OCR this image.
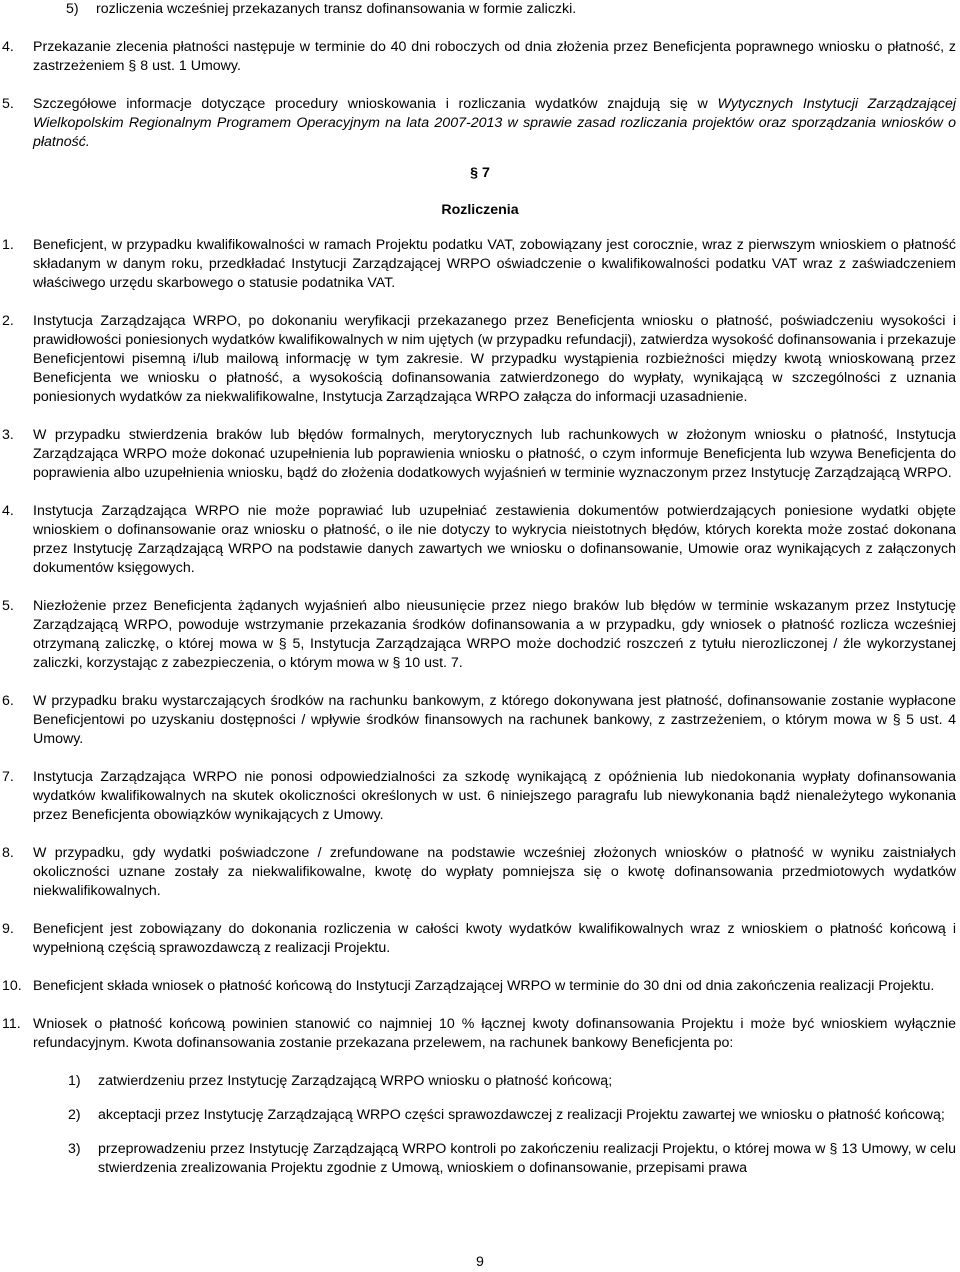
5)	rozliczenia wcześniej przekazanych transz dofinansowania w formie zaliczki.
4.	Przekazanie zlecenia płatności następuje w terminie do 40 dni roboczych od dnia złożenia przez Beneficjenta poprawnego wniosku o płatność, z zastrzeżeniem § 8 ust. 1 Umowy.
5.	Szczegółowe informacje dotyczące procedury wnioskowania i rozliczania wydatków znajdują się w Wytycznych Instytucji Zarządzającej Wielkopolskim Regionalnym Programem Operacyjnym na lata 2007-2013 w sprawie zasad rozliczania projektów oraz sporządzania wniosków o płatność.
§ 7
Rozliczenia
1.	Beneficjent, w przypadku kwalifikowalności w ramach Projektu podatku VAT, zobowiązany jest corocznie, wraz z pierwszym wnioskiem o płatność składanym w danym roku, przedkładać Instytucji Zarządzającej WRPO oświadczenie o kwalifikowalności podatku VAT wraz z zaświadczeniem właściwego urzędu skarbowego o statusie podatnika VAT.
2.	Instytucja Zarządzająca WRPO, po dokonaniu weryfikacji przekazanego przez Beneficjenta wniosku o płatność, poświadczeniu wysokości i prawidłowości poniesionych wydatków kwalifikowalnych w nim ujętych (w przypadku refundacji), zatwierdza wysokość dofinansowania i przekazuje Beneficjentowi pisemną i/lub mailową informację w tym zakresie. W przypadku wystąpienia rozbieżności między kwotą wnioskowaną przez Beneficjenta we wniosku o płatność, a wysokością dofinansowania zatwierdzonego do wypłaty, wynikającą w szczególności z uznania poniesionych wydatków za niekwalifikowalne, Instytucja Zarządzająca WRPO załącza do informacji uzasadnienie.
3.	W przypadku stwierdzenia braków lub błędów formalnych, merytorycznych lub rachunkowych w złożonym wniosku o płatność, Instytucja Zarządzająca WRPO może dokonać uzupełnienia lub poprawienia wniosku o płatność, o czym informuje Beneficjenta lub wzywa Beneficjenta do poprawienia albo uzupełnienia wniosku, bądź do złożenia dodatkowych wyjaśnień w terminie wyznaczonym przez Instytucję Zarządzającą WRPO.
4.	Instytucja Zarządzająca WRPO nie może poprawiać lub uzupełniać zestawienia dokumentów potwierdzających poniesione wydatki objęte wnioskiem o dofinansowanie oraz wniosku o płatność, o ile nie dotyczy to wykrycia nieistotnych błędów, których korekta może zostać dokonana przez Instytucję Zarządzającą WRPO na podstawie danych zawartych we wniosku o dofinansowanie, Umowie oraz wynikających z załączonych dokumentów księgowych.
5.	Niezłożenie przez Beneficjenta żądanych wyjaśnień albo nieusunięcie przez niego braków lub błędów w terminie wskazanym przez Instytucję Zarządzającą WRPO, powoduje wstrzymanie przekazania środków dofinansowania a w przypadku, gdy wniosek o płatność rozlicza wcześniej otrzymaną zaliczkę, o której mowa w § 5, Instytucja Zarządzająca WRPO może dochodzić roszczeń z tytułu nierozliczonej / źle wykorzystanej zaliczki, korzystając z zabezpieczenia, o którym mowa w § 10 ust. 7.
6.	W przypadku braku wystarczających środków na rachunku bankowym, z którego dokonywana jest płatność, dofinansowanie zostanie wypłacone Beneficjentowi po uzyskaniu dostępności / wpływie środków finansowych na rachunek bankowy, z zastrzeżeniem, o którym mowa w § 5 ust. 4 Umowy.
7.	Instytucja Zarządzająca WRPO nie ponosi odpowiedzialności za szkodę wynikającą z opóźnienia lub niedokonania wypłaty dofinansowania wydatków kwalifikowalnych na skutek okoliczności określonych w ust. 6 niniejszego paragrafu lub niewykonania bądź nienależytego wykonania przez Beneficjenta obowiązków wynikających z Umowy.
8.	W przypadku, gdy wydatki poświadczone / zrefundowane na podstawie wcześniej złożonych wniosków o płatność w wyniku zaistniałych okoliczności uznane zostały za niekwalifikowalne, kwotę do wypłaty pomniejsza się o kwotę dofinansowania przedmiotowych wydatków niekwalifikowalnych.
9.	Beneficjent jest zobowiązany do dokonania rozliczenia w całości kwoty wydatków kwalifikowalnych wraz z wnioskiem o płatność końcową i wypełnioną częścią sprawozdawczą z realizacji Projektu.
10. Beneficjent składa wniosek o płatność końcową do Instytucji Zarządzającej WRPO w terminie do 30 dni od dnia zakończenia realizacji Projektu.
11. Wniosek o płatność końcową powinien stanowić co najmniej 10 % łącznej kwoty dofinansowania Projektu i może być wnioskiem wyłącznie refundacyjnym. Kwota dofinansowania zostanie przekazana przelewem, na rachunek bankowy Beneficjenta po:
1)	zatwierdzeniu przez Instytucję Zarządzającą WRPO wniosku o płatność końcową;
2)	akceptacji przez Instytucję Zarządzającą WRPO części sprawozdawczej z realizacji Projektu zawartej we wniosku o płatność końcową;
3)	przeprowadzeniu przez Instytucję Zarządzającą WRPO kontroli po zakończeniu realizacji Projektu, o której mowa w § 13 Umowy, w celu stwierdzenia zrealizowania Projektu zgodnie z Umową, wnioskiem o dofinansowanie, przepisami prawa
9
